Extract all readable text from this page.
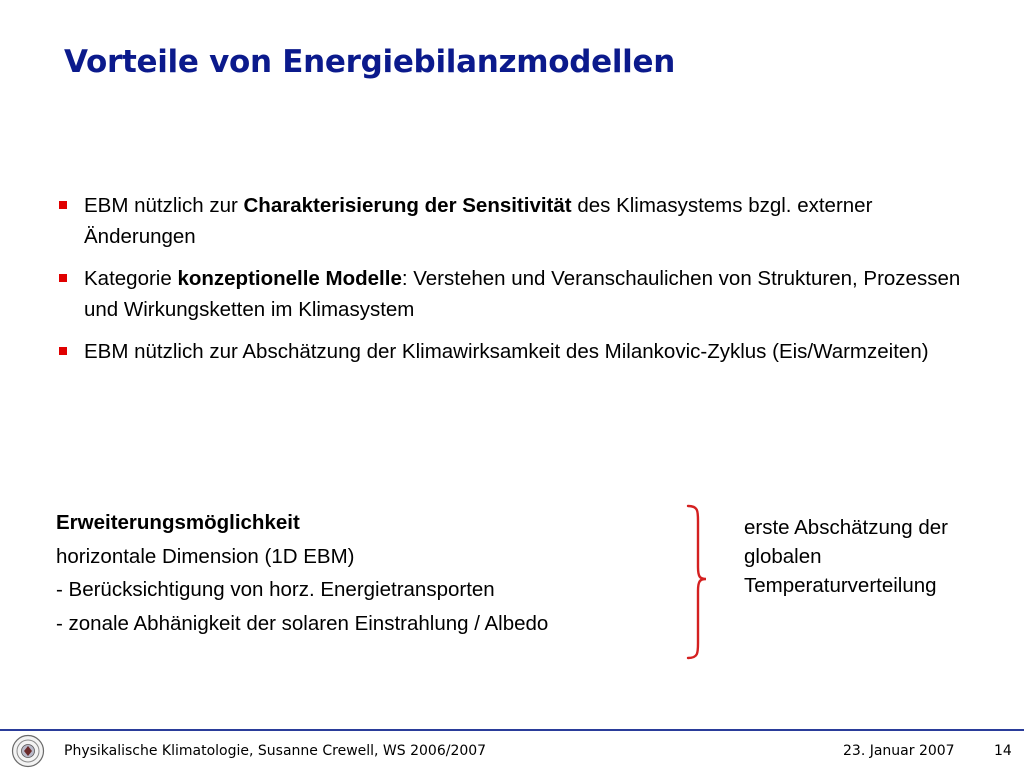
Vorteile von Energiebilanzmodellen
EBM nützlich zur Charakterisierung der Sensitivität des Klimasystems bzgl. externer Änderungen
Kategorie konzeptionelle Modelle: Verstehen und Veranschaulichen von Strukturen, Prozessen und Wirkungsketten im Klimasystem
EBM nützlich zur Abschätzung der Klimawirksamkeit des Milankovic-Zyklus (Eis/Warmzeiten)
Erweiterungsmöglichkeit
horizontale Dimension (1D EBM)
- Berücksichtigung von horz. Energietransporten
- zonale Abhänigkeit der solaren Einstrahlung / Albedo
erste Abschätzung der globalen Temperaturverteilung
Physikalische Klimatologie, Susanne Crewell, WS 2006/2007	23. Januar 2007	14
